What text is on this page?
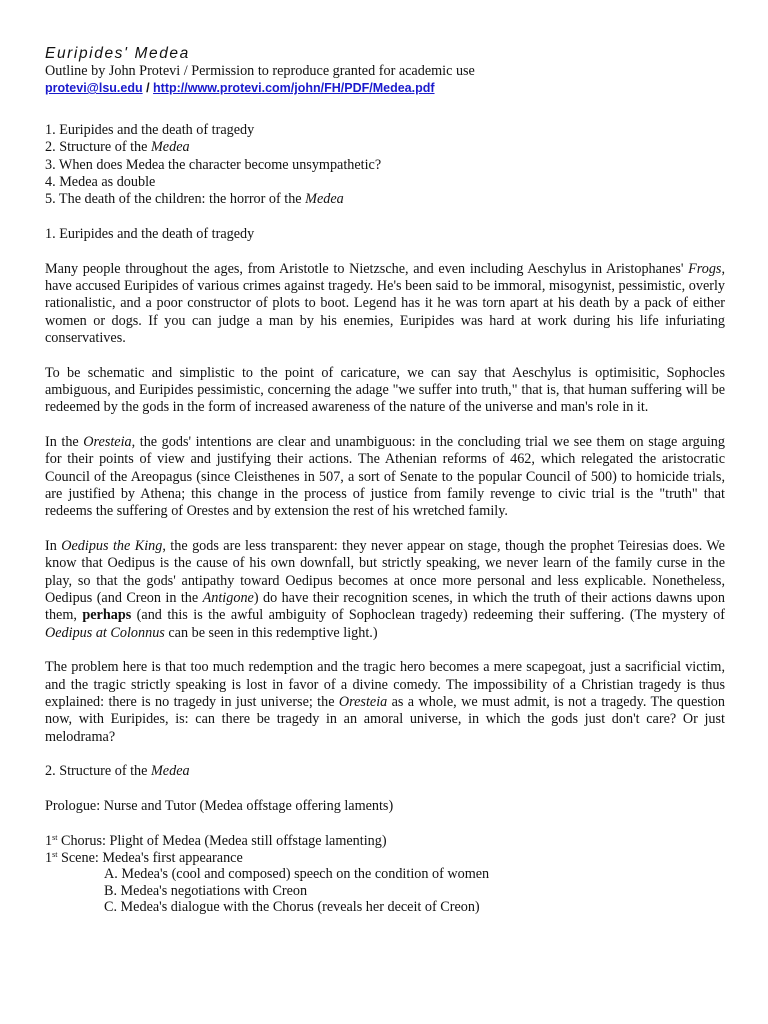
Euripides' Medea
Outline by John Protevi / Permission to reproduce granted for academic use
protevi@lsu.edu / http://www.protevi.com/john/FH/PDF/Medea.pdf
1. Euripides and the death of tragedy
2. Structure of the Medea
3. When does Medea the character become unsympathetic?
4. Medea as double
5. The death of the children: the horror of the Medea
1. Euripides and the death of tragedy

Many people throughout the ages, from Aristotle to Nietzsche, and even including Aeschylus in Aristophanes' Frogs, have accused Euripides of various crimes against tragedy. He's been said to be immoral, misogynist, pessimistic, overly rationalistic, and a poor constructor of plots to boot. Legend has it he was torn apart at his death by a pack of either women or dogs. If you can judge a man by his enemies, Euripides was hard at work during his life infuriating conservatives.

To be schematic and simplistic to the point of caricature, we can say that Aeschylus is optimisitic, Sophocles ambiguous, and Euripides pessimistic, concerning the adage "we suffer into truth," that is, that human suffering will be redeemed by the gods in the form of increased awareness of the nature of the universe and man's role in it.

In the Oresteia, the gods' intentions are clear and unambiguous: in the concluding trial we see them on stage arguing for their points of view and justifying their actions. The Athenian reforms of 462, which relegated the aristocratic Council of the Areopagus (since Cleisthenes in 507, a sort of Senate to the popular Council of 500) to homicide trials, are justified by Athena; this change in the process of justice from family revenge to civic trial is the "truth" that redeems the suffering of Orestes and by extension the rest of his wretched family.

In Oedipus the King, the gods are less transparent: they never appear on stage, though the prophet Teiresias does. We know that Oedipus is the cause of his own downfall, but strictly speaking, we never learn of the family curse in the play, so that the gods' antipathy toward Oedipus becomes at once more personal and less explicable. Nonetheless, Oedipus (and Creon in the Antigone) do have their recognition scenes, in which the truth of their actions dawns upon them, perhaps (and this is the awful ambiguity of Sophoclean tragedy) redeeming their suffering. (The mystery of Oedipus at Colonnus can be seen in this redemptive light.)

The problem here is that too much redemption and the tragic hero becomes a mere scapegoat, just a sacrificial victim, and the tragic strictly speaking is lost in favor of a divine comedy. The impossibility of a Christian tragedy is thus explained: there is no tragedy in just universe; the Oresteia as a whole, we must admit, is not a tragedy. The question now, with Euripides, is: can there be tragedy in an amoral universe, in which the gods just don't care? Or just melodrama?

2. Structure of the Medea
Prologue: Nurse and Tutor (Medea offstage offering laments)
1st Chorus: Plight of Medea (Medea still offstage lamenting)
1st Scene: Medea's first appearance
A. Medea's (cool and composed) speech on the condition of women
B. Medea's negotiations with Creon
C. Medea's dialogue with the Chorus (reveals her deceit of Creon)
